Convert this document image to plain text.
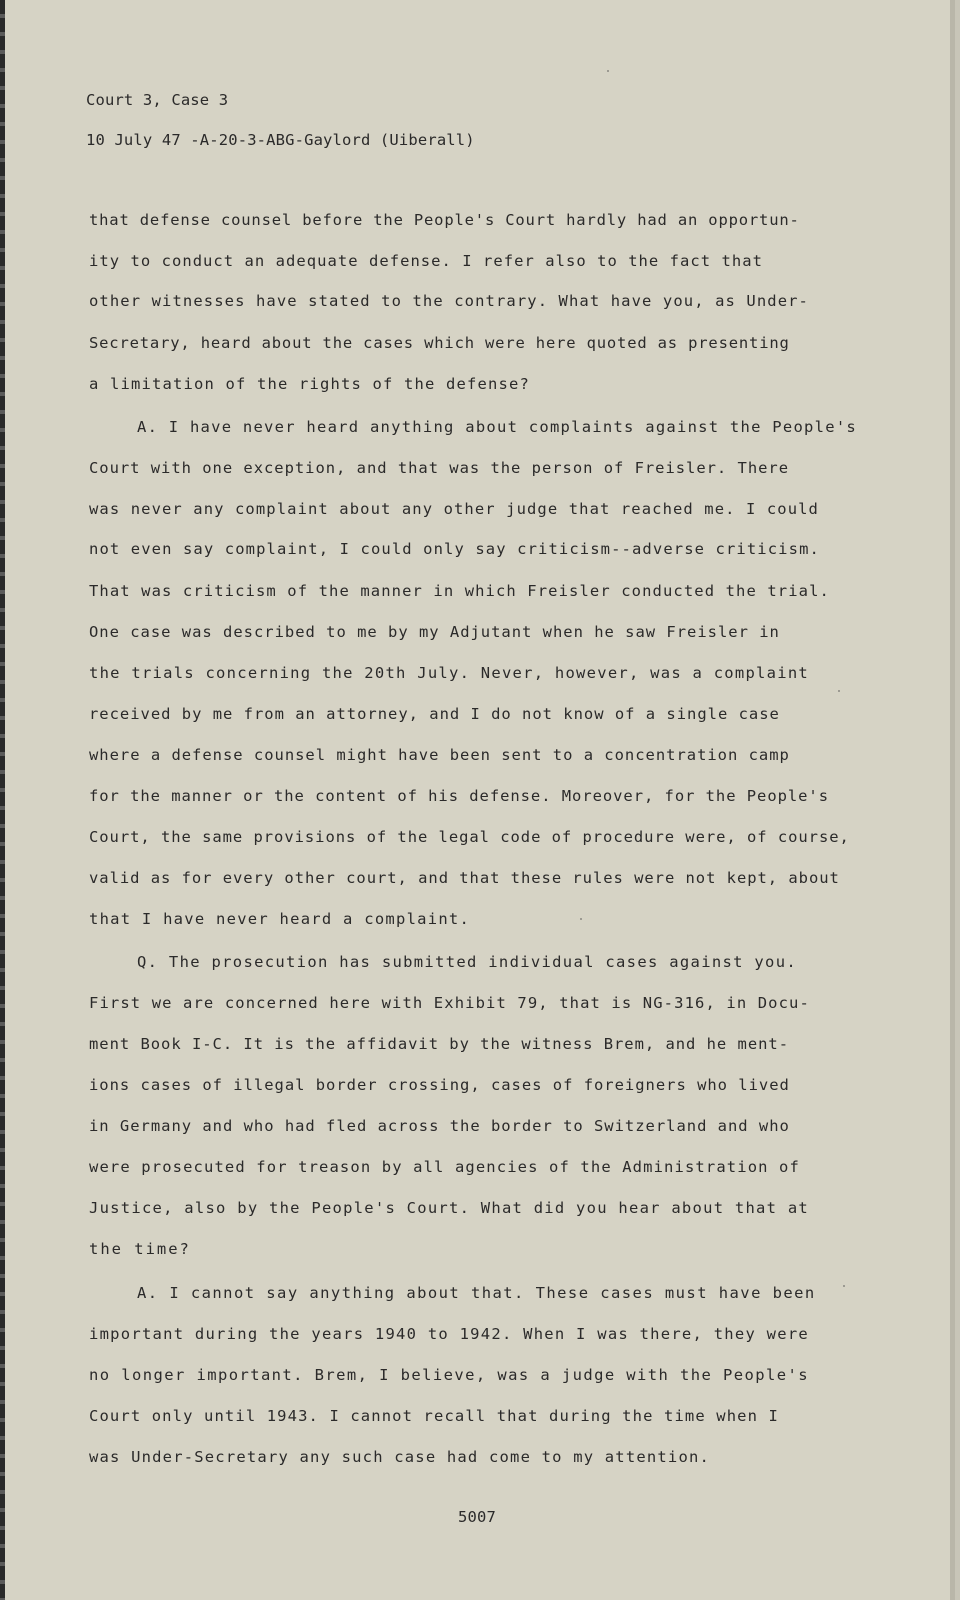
Court 3, Case 3
10 July 47 -A-20-3-ABG-Gaylord (Uiberall)
that defense counsel before the People's Court hardly had an opportun-
ity to conduct an adequate defense. I refer also to the fact that
other witnesses have stated to the contrary. What have you, as Under-
Secretary, heard about the cases which were here quoted as presenting
a limitation of the rights of the defense?
A. I have never heard anything about complaints against the People's
Court with one exception, and that was the person of Freisler. There
was never any complaint about any other judge that reached me. I could
not even say complaint, I could only say criticism--adverse criticism.
That was criticism of the manner in which Freisler conducted the trial.
One case was described to me by my Adjutant when he saw Freisler in
the trials concerning the 20th July. Never, however, was a complaint
received by me from an attorney, and I do not know of a single case
where a defense counsel might have been sent to a concentration camp
for the manner or the content of his defense. Moreover, for the People's
Court, the same provisions of the legal code of procedure were, of course,
valid as for every other court, and that these rules were not kept, about
that I have never heard a complaint.
Q. The prosecution has submitted individual cases against you.
First we are concerned here with Exhibit 79, that is NG-316, in Docu-
ment Book I-C. It is the affidavit by the witness Brem, and he ment-
ions cases of illegal border crossing, cases of foreigners who lived
in Germany and who had fled across the border to Switzerland and who
were prosecuted for treason by all agencies of the Administration of
Justice, also by the People's Court. What did you hear about that at
the time?
A. I cannot say anything about that. These cases must have been
important during the years 1940 to 1942. When I was there, they were
no longer important. Brem, I believe, was a judge with the People's
Court only until 1943. I cannot recall that during the time when I
was Under-Secretary any such case had come to my attention.
5007
